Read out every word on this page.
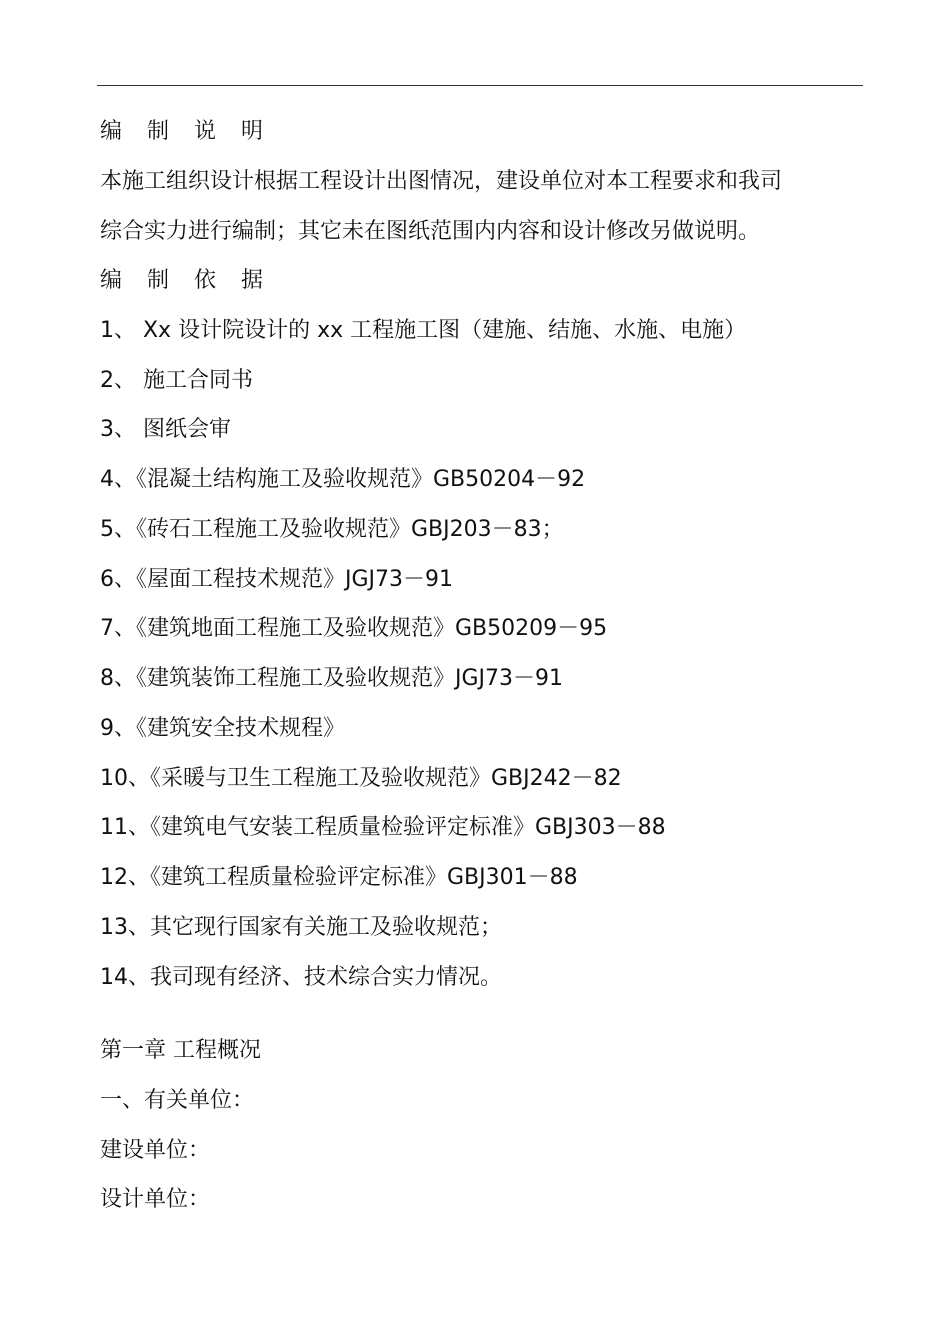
编 制 说 明
本施工组织设计根据工程设计出图情况，建设单位对本工程要求和我司
综合实力进行编制；其它未在图纸范围内内容和设计修改另做说明。
编 制 依 据
1、 Xx 设计院设计的 xx 工程施工图（建施、结施、水施、电施）
2、 施工合同书
3、 图纸会审
4、《混凝土结构施工及验收规范》GB50204－92
5、《砖石工程施工及验收规范》GBJ203－83；
6、《屋面工程技术规范》JGJ73－91
7、《建筑地面工程施工及验收规范》GB50209－95
8、《建筑装饰工程施工及验收规范》JGJ73－91
9、《建筑安全技术规程》
10、《采暖与卫生工程施工及验收规范》GBJ242－82
11、《建筑电气安装工程质量检验评定标准》GBJ303－88
12、《建筑工程质量检验评定标准》GBJ301－88
13、其它现行国家有关施工及验收规范；
14、我司现有经济、技术综合实力情况。
第一章 工程概况
一、有关单位：
建设单位：
设计单位：
